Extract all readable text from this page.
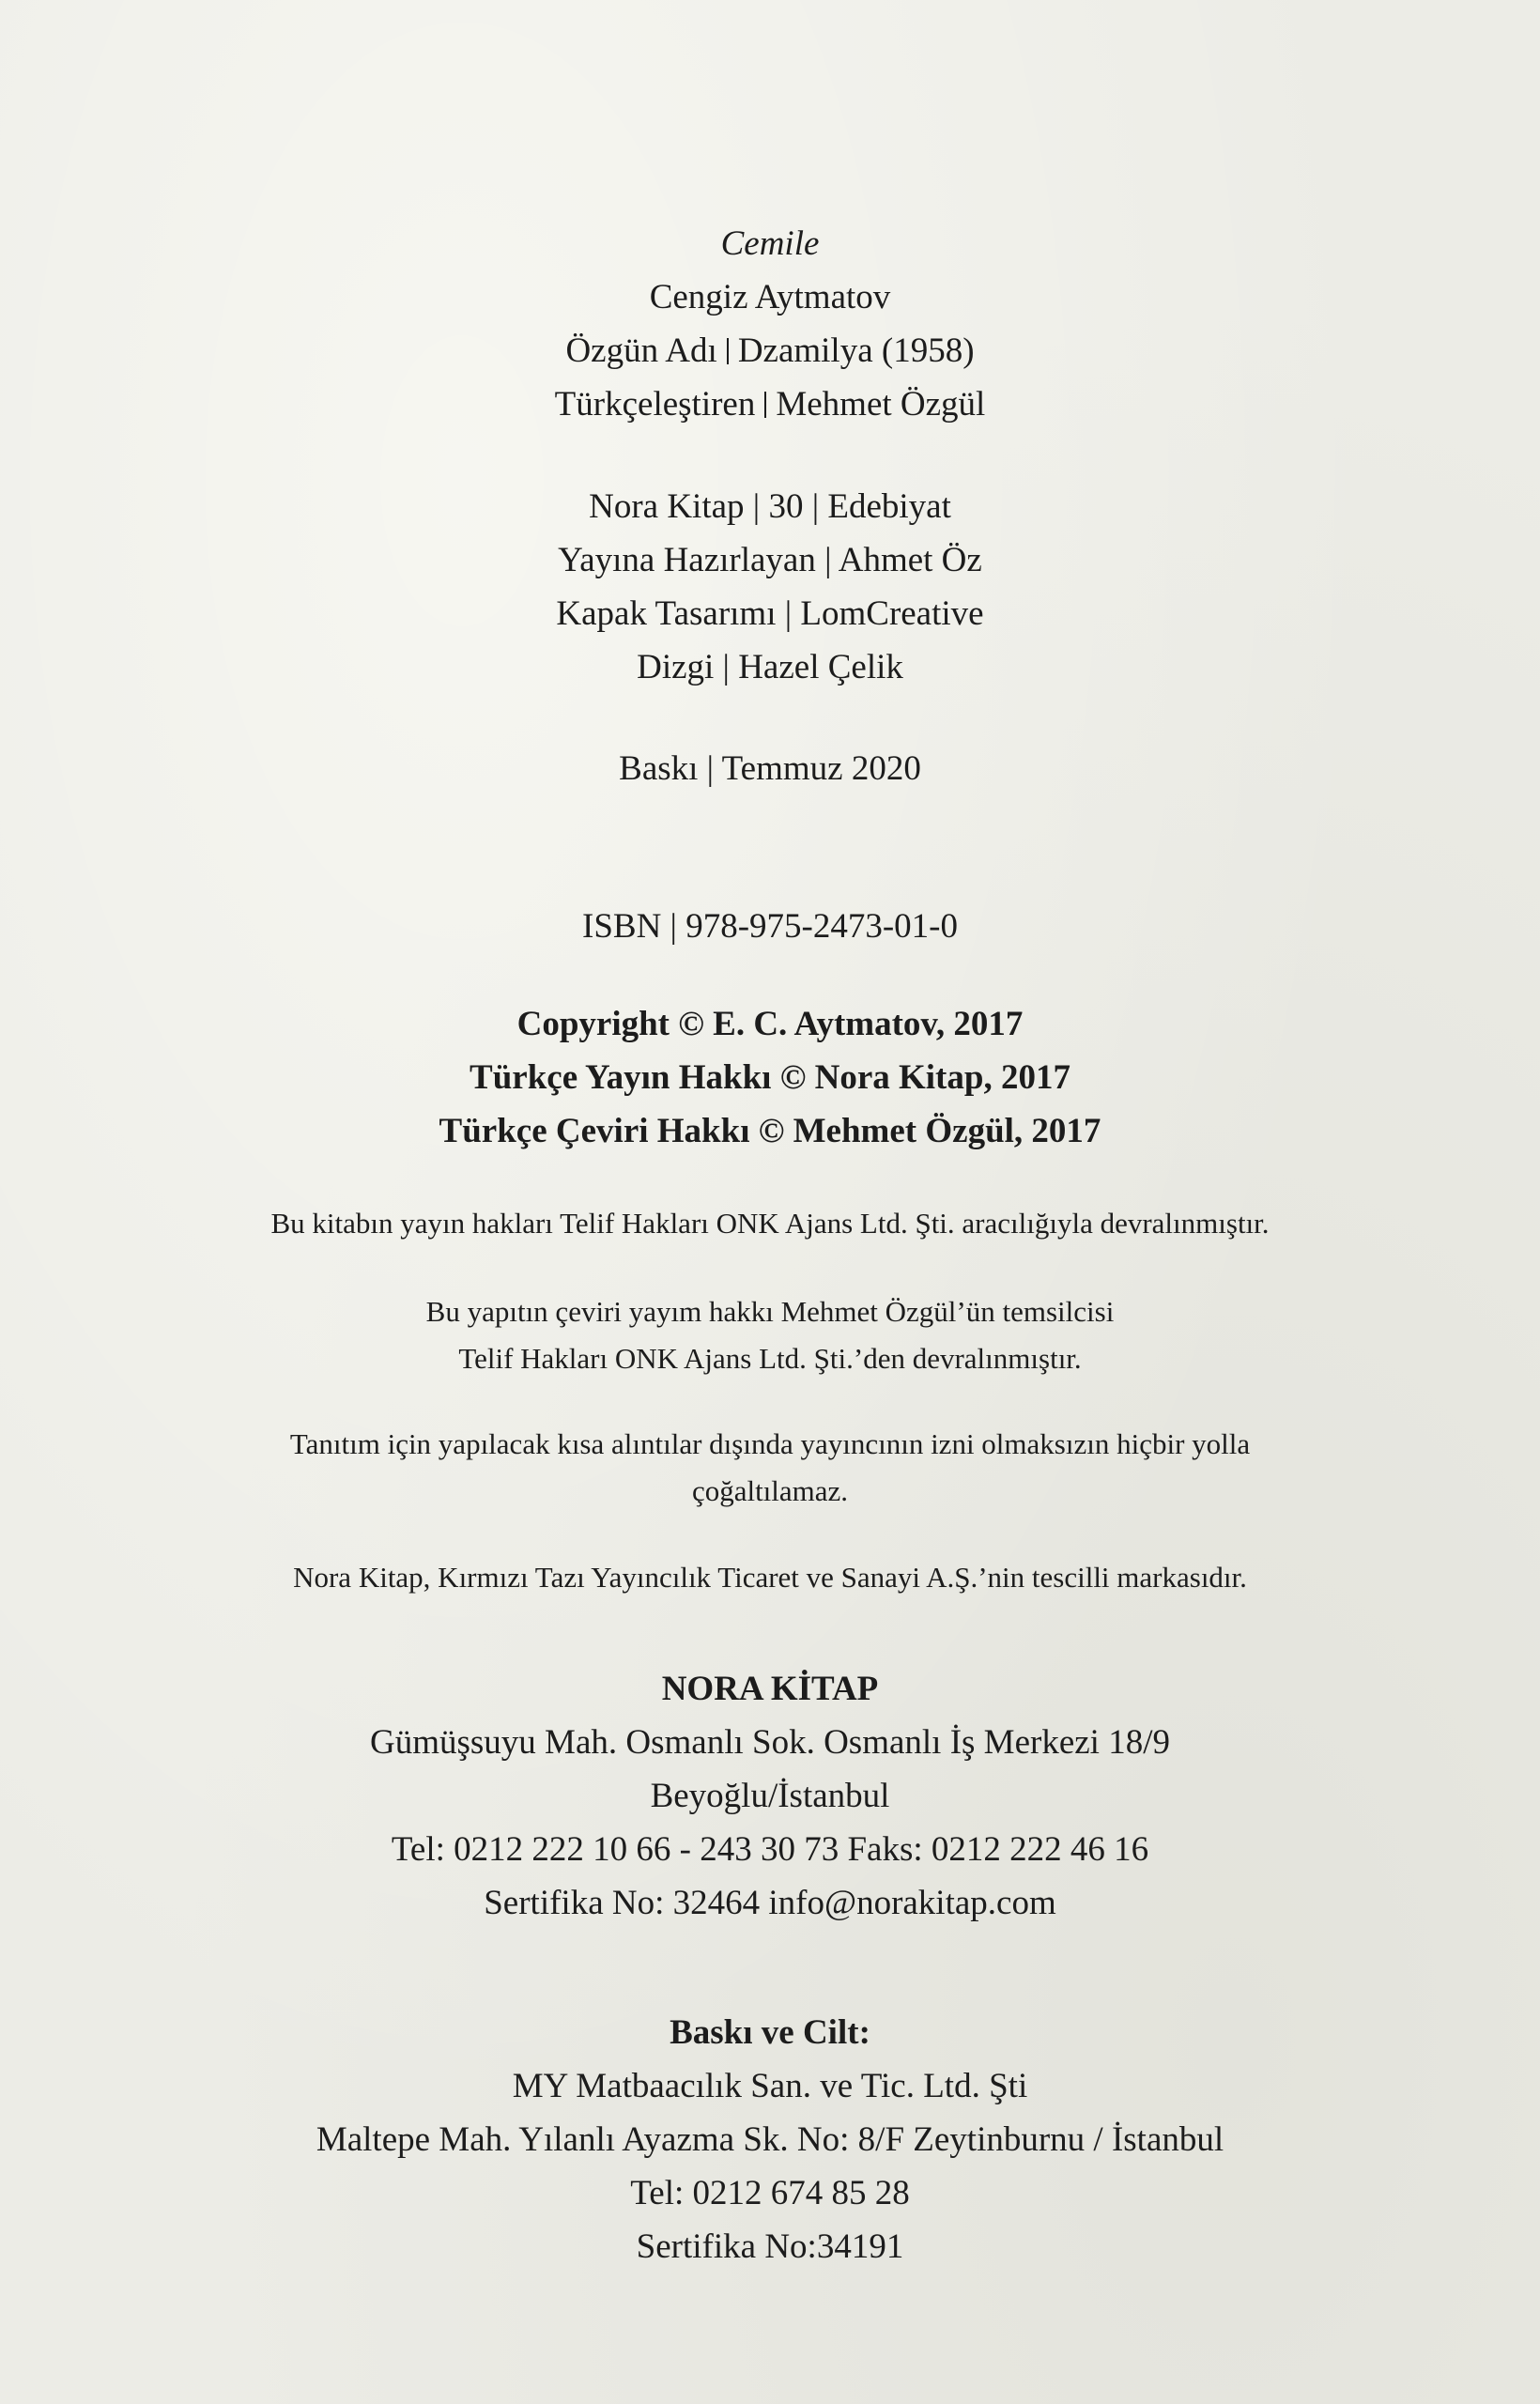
Cemile
Cengiz Aytmatov
Özgün Adı Dzamilya (1958)
Türkçeleştiren Mehmet Özgül
Nora Kitap | 30 | Edebiyat
Yayına Hazırlayan | Ahmet Öz
Kapak Tasarımı | LomCreative
Dizgi | Hazel Çelik
Baskı | Temmuz 2020
ISBN | 978-975-2473-01-0
Copyright © E. C. Aytmatov, 2017
Türkçe Yayın Hakkı © Nora Kitap, 2017
Türkçe Çeviri Hakkı © Mehmet Özgül, 2017
Bu kitabın yayın hakları Telif Hakları ONK Ajans Ltd. Şti. aracılığıyla devralınmıştır.
Bu yapıtın çeviri yayım hakkı Mehmet Özgül’ün temsilcisi
Telif Hakları ONK Ajans Ltd. Şti.’den devralınmıştır.
Tanıtım için yapılacak kısa alıntılar dışında yayıncının izni olmaksızın hiçbir yolla
çoğaltılamaz.
Nora Kitap, Kırmızı Tazı Yayıncılık Ticaret ve Sanayi A.Ş.’nin tescilli markasıdır.
NORA KİTAP
Gümüşsuyu Mah. Osmanlı Sok. Osmanlı İş Merkezi 18/9
Beyoğlu/İstanbul
Tel: 0212 222 10 66 - 243 30 73 Faks: 0212 222 46 16
Sertifika No: 32464 info@norakitap.com
Baskı ve Cilt:
MY Matbaacılık San. ve Tic. Ltd. Şti
Maltepe Mah. Yılanlı Ayazma Sk. No: 8/F Zeytinburnu / İstanbul
Tel: 0212 674 85 28
Sertifika No:34191
